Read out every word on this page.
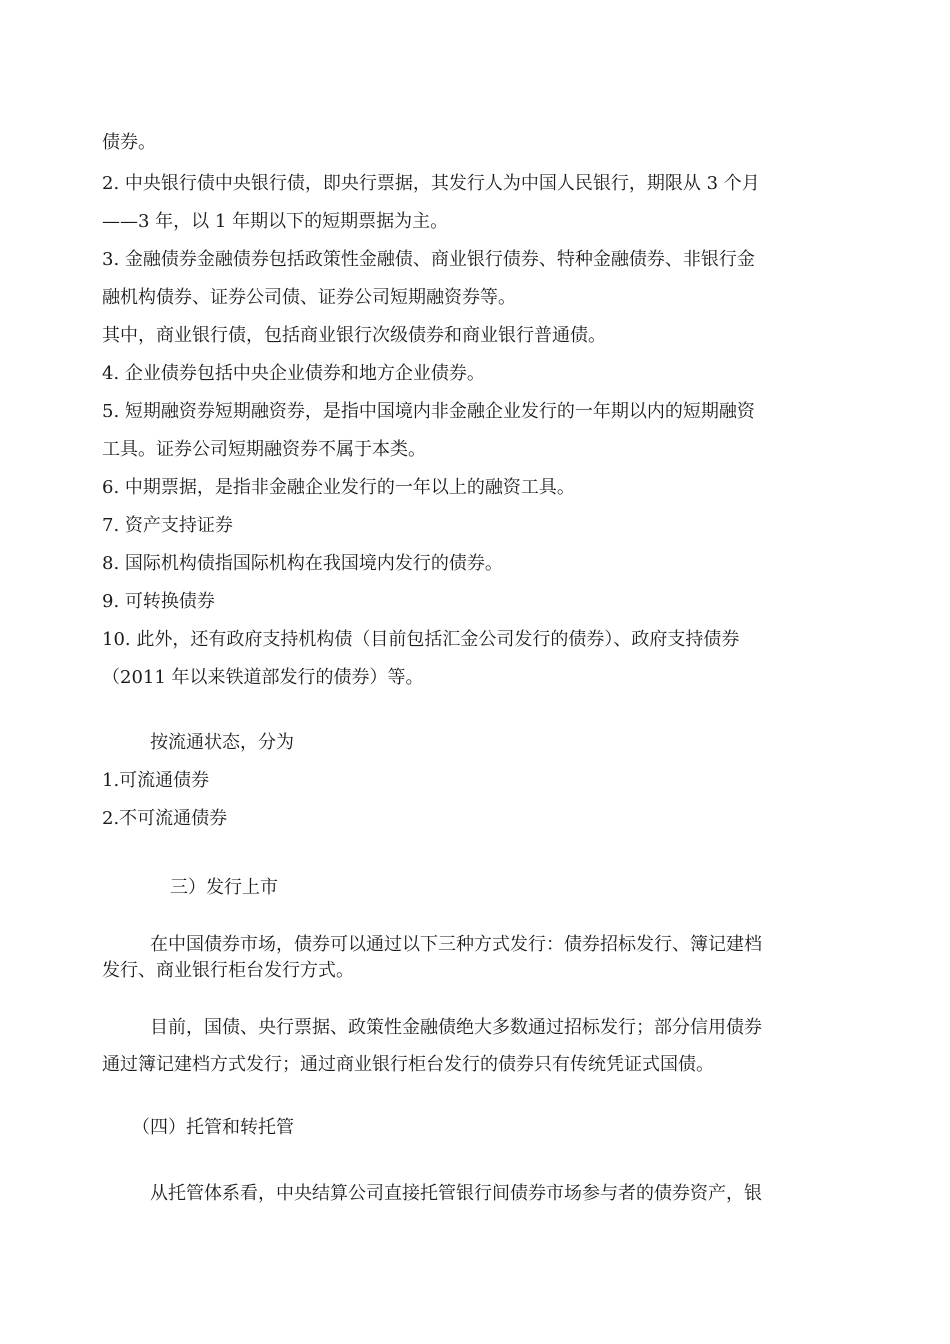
债券。
2. 中央银行债中央银行债，即央行票据，其发行人为中国人民银行，期限从 3 个月
——3 年，以 1 年期以下的短期票据为主。
3. 金融债券金融债券包括政策性金融债、商业银行债券、特种金融债券、非银行金
融机构债券、证券公司债、证券公司短期融资券等。
其中，商业银行债，包括商业银行次级债券和商业银行普通债。
4. 企业债券包括中央企业债券和地方企业债券。
5. 短期融资券短期融资券，是指中国境内非金融企业发行的一年期以内的短期融资
工具。证券公司短期融资券不属于本类。
6. 中期票据，是指非金融企业发行的一年以上的融资工具。
7. 资产支持证券
8. 国际机构债指国际机构在我国境内发行的债券。
9. 可转换债券
10. 此外，还有政府支持机构债（目前包括汇金公司发行的债券）、政府支持债券
（2011 年以来铁道部发行的债券）等。
按流通状态，分为
1.可流通债券
2.不可流通债券
三）发行上市
在中国债券市场，债券可以通过以下三种方式发行：债券招标发行、簿记建档
发行、商业银行柜台发行方式。
目前，国债、央行票据、政策性金融债绝大多数通过招标发行；部分信用债券
通过簿记建档方式发行；通过商业银行柜台发行的债券只有传统凭证式国债。
（四）托管和转托管
从托管体系看，中央结算公司直接托管银行间债券市场参与者的债券资产，银
